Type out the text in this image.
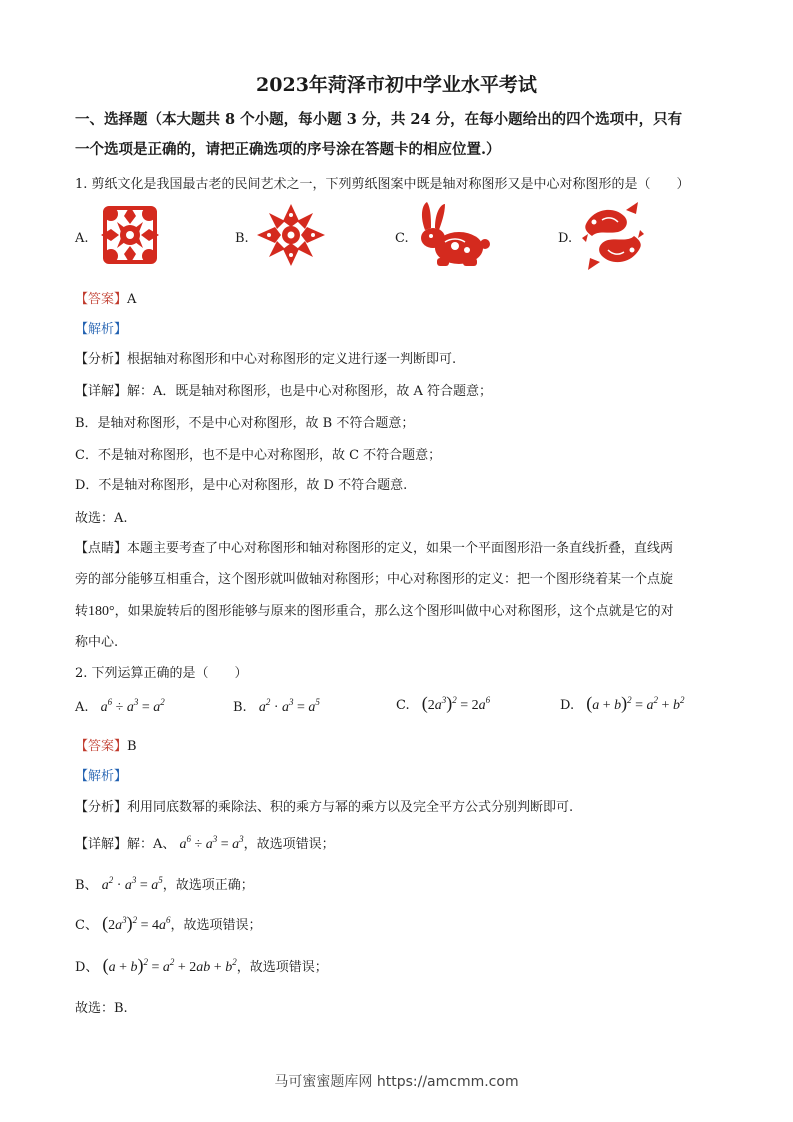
2023年菏泽市初中学业水平考试
一、选择题（本大题共 8 个小题，每小题 3 分，共 24 分，在每小题给出的四个选项中，只有
一个选项是正确的，请把正确选项的序号涂在答题卡的相应位置.）
1. 剪纸文化是我国最古老的民间艺术之一，下列剪纸图案中既是轴对称图形又是中心对称图形的是（　　）
A.	B.	C.	D.
【答案】A
【解析】
【分析】根据轴对称图形和中心对称图形的定义进行逐一判断即可.
【详解】解：A．既是轴对称图形，也是中心对称图形，故 A 符合题意；
B．是轴对称图形，不是中心对称图形，故 B 不符合题意；
C．不是轴对称图形，也不是中心对称图形，故 C 不符合题意；
D．不是轴对称图形，是中心对称图形，故 D 不符合题意.
故选：A.
【点睛】本题主要考查了中心对称图形和轴对称图形的定义，如果一个平面图形沿一条直线折叠，直线两
旁的部分能够互相重合，这个图形就叫做轴对称图形；中心对称图形的定义：把一个图形绕着某一个点旋
转180°，如果旋转后的图形能够与原来的图形重合，那么这个图形叫做中心对称图形，这个点就是它的对
称中心.
2. 下列运算正确的是（　　）
A. $a^6 \div a^3 = a^2$	B. $a^2 \cdot a^3 = a^5$	C. $(2a^3)^2 = 2a^6$	D. $(a + b)^2 = a^2 + b^2$
【答案】B
【解析】
【分析】利用同底数幂的乘除法、积的乘方与幂的乘方以及完全平方公式分别判断即可.
【详解】解：A、 $a^6 \div a^3 = a^3$，故选项错误；
B、 $a^2 \cdot a^3 = a^5$，故选项正确；
C、 $(2a^3)^2 = 4a^6$，故选项错误；
D、 $(a + b)^2 = a^2 + 2ab + b^2$，故选项错误；
故选：B.
马可蜜蜜题库网 https://amcmm.com
